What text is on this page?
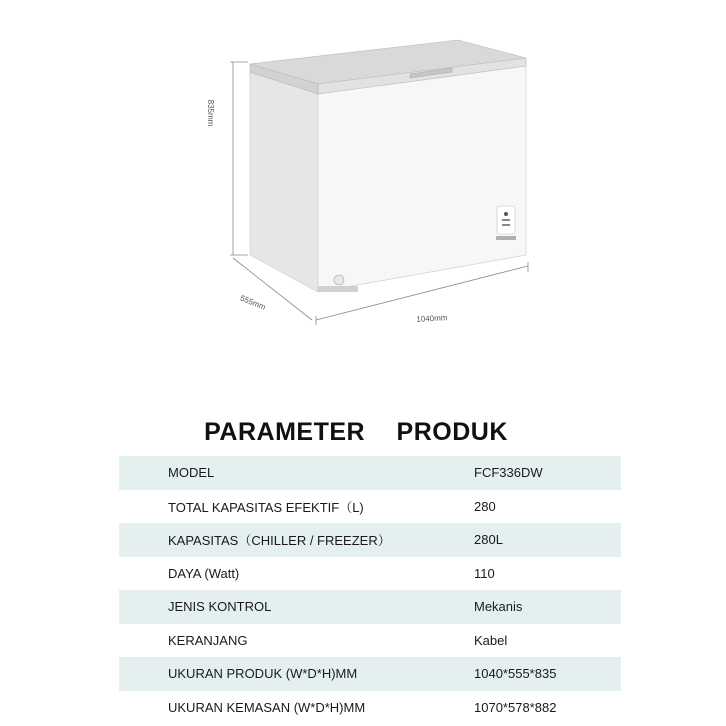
835mm
555mm
1040mm
PARAMETER PRODUK
MODEL	FCF336DW
TOTAL KAPASITAS EFEKTIF（L)	280
KAPASITAS（CHILLER / FREEZER）	280L
DAYA (Watt)	110
JENIS KONTROL	Mekanis
KERANJANG	Kabel
UKURAN PRODUK (W*D*H)MM	1040*555*835
UKURAN KEMASAN (W*D*H)MM	1070*578*882
